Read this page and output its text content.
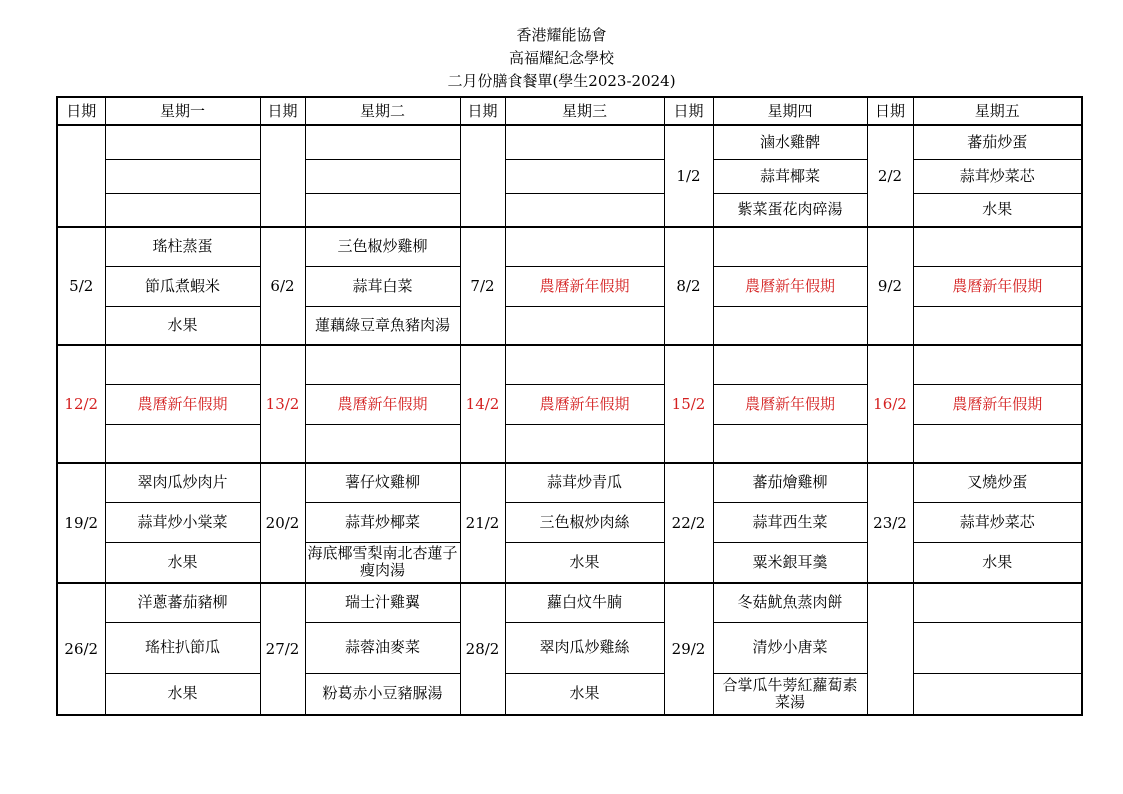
香港耀能協會
高福耀紀念學校
二月份膳食餐單(學生2023-2024)
日期	星期一	日期	星期二	日期	星期三	日期	星期四	日期	星期五
						1/2	滷水雞髀	2/2	蕃茄炒蛋
							蒜茸椰菜		蒜茸炒菜芯
							紫菜蛋花肉碎湯		水果
5/2	瑤柱蒸蛋	6/2	三色椒炒雞柳	7/2		8/2		9/2	
	節瓜煮蝦米		蒜茸白菜		農曆新年假期		農曆新年假期		農曆新年假期
	水果		蓮藕綠豆章魚豬肉湯						
12/2		13/2		14/2		15/2		16/2	
	農曆新年假期		農曆新年假期		農曆新年假期		農曆新年假期		農曆新年假期

19/2	翠肉瓜炒肉片	20/2	薯仔炆雞柳	21/2	蒜茸炒青瓜	22/2	蕃茄燴雞柳	23/2	叉燒炒蛋
	蒜茸炒小棠菜		蒜茸炒椰菜		三色椒炒肉絲		蒜茸西生菜		蒜茸炒菜芯
	水果		海底椰雪梨南北杏蓮子瘦肉湯		水果		粟米銀耳羹		水果
26/2	洋蔥蕃茄豬柳	27/2	瑞士汁雞翼	28/2	蘿白炆牛腩	29/2	冬菇魷魚蒸肉餅		
	瑤柱扒節瓜		蒜蓉油麥菜		翠肉瓜炒雞絲		清炒小唐菜		
	水果		粉葛赤小豆豬脲湯		水果		合掌瓜牛蒡紅蘿蔔素菜湯		
